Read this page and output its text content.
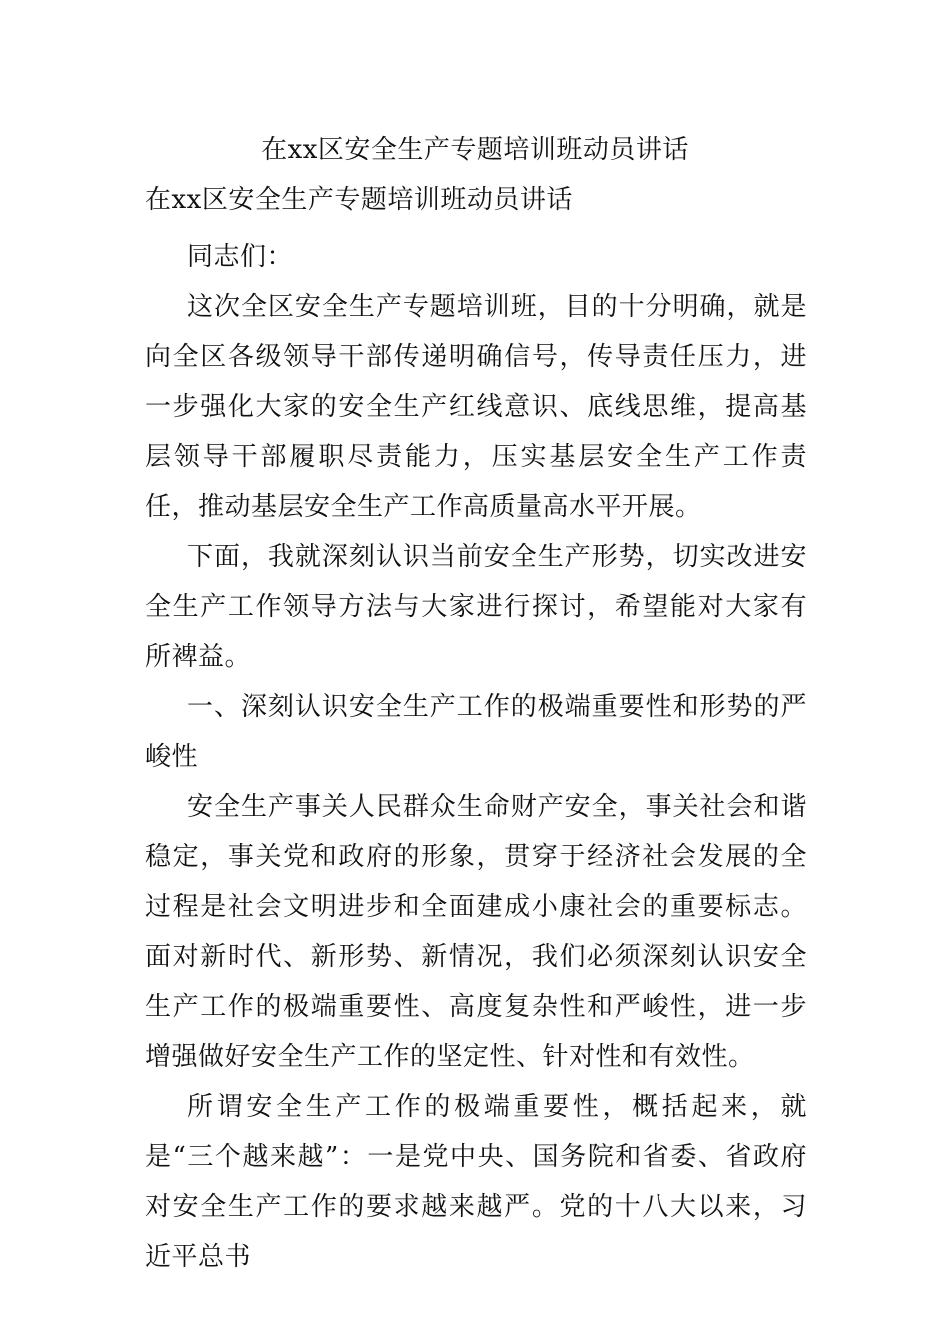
在xx区安全生产专题培训班动员讲话

在xx区安全生产专题培训班动员讲话

同志们：

这次全区安全生产专题培训班，目的十分明确，就是向全区各级领导干部传递明确信号，传导责任压力，进一步强化大家的安全生产红线意识、底线思维，提高基层领导干部履职尽责能力，压实基层安全生产工作责任，推动基层安全生产工作高质量高水平开展。

下面，我就深刻认识当前安全生产形势，切实改进安全生产工作领导方法与大家进行探讨，希望能对大家有所裨益。

一、深刻认识安全生产工作的极端重要性和形势的严峻性

安全生产事关人民群众生命财产安全，事关社会和谐稳定，事关党和政府的形象，贯穿于经济社会发展的全过程是社会文明进步和全面建成小康社会的重要标志。面对新时代、新形势、新情况，我们必须深刻认识安全生产工作的极端重要性、高度复杂性和严峻性，进一步增强做好安全生产工作的坚定性、针对性和有效性。

所谓安全生产工作的极端重要性，概括起来，就是“三个越来越”：一是党中央、国务院和省委、省政府对安全生产工作的要求越来越严。党的十八大以来，习近平总书
